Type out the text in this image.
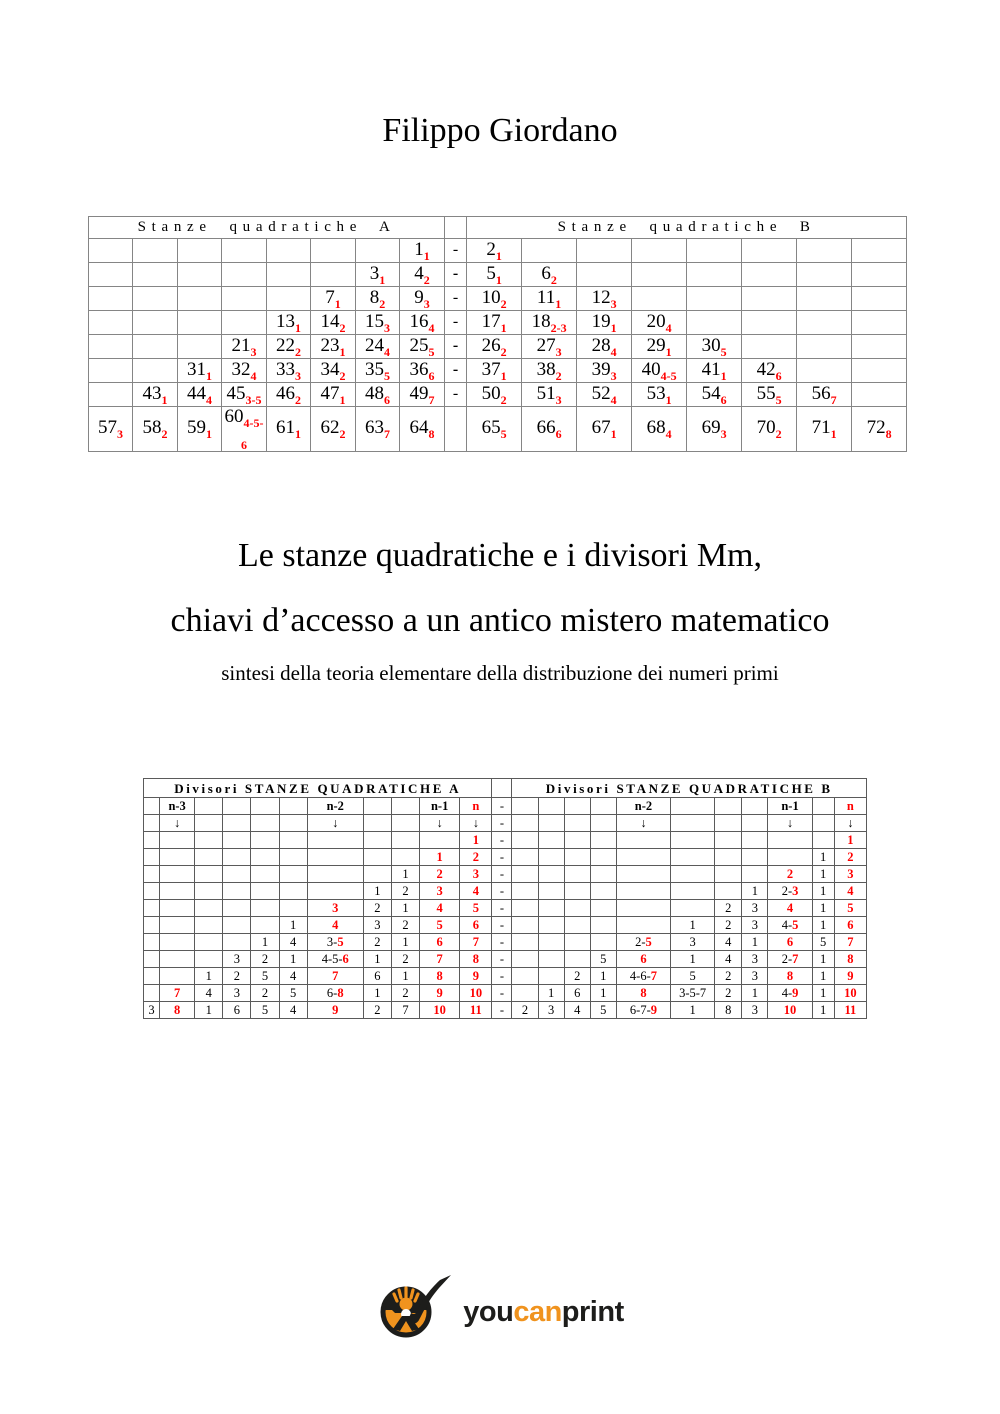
Filippo Giordano
Stanze quadratiche A									Stanze quadratiche B							
							$1_1$	-	$2_1$							
						$3_1$	$4_2$	-	$5_1$	$6_2$						
					$7_1$	$8_2$	$9_3$	-	$10_2$	$11_1$	$12_3$					
				$13_1$	$14_2$	$15_3$	$16_4$	-	$17_1$	$18_{2-3}$	$19_1$	$20_4$				
			$21_3$	$22_2$	$23_1$	$24_4$	$25_5$	-	$26_2$	$27_3$	$28_4$	$29_1$	$30_5$			
		$31_1$	$32_4$	$33_3$	$34_2$	$35_5$	$36_6$	-	$37_1$	$38_2$	$39_3$	$40_{4-5}$	$41_1$	$42_6$		
	$43_1$	$44_4$	$45_{3-5}$	$46_2$	$47_1$	$48_6$	$49_7$	-	$50_2$	$51_3$	$52_4$	$53_1$	$54_6$	$55_5$	$56_7$	
$57_3$	$58_2$	$59_1$	$60_{4-5-6}$	$61_1$	$62_2$	$63_7$	$64_8$		$65_5$	$66_6$	$67_1$	$68_4$	$69_3$	$70_2$	$71_1$	$72_8$
Le stanze quadratiche e i divisori Mm,
chiavi d’accesso a un antico mistero matematico
sintesi della teoria elementare della distribuzione dei numeri primi
Divisori STANZE QUADRATICHE A												Divisori STANZE QUADRATICHE B										
	n-3					n-2			n-1	n	-					n-2				n-1		n
	↓					↓			↓	↓	-					↓				↓		↓
										1	-											1
									1	2	-										1	2
								1	2	3	-									2	1	3
							1	2	3	4	-								1	2-3	1	4
						3	2	1	4	5	-							2	3	4	1	5
					1	4	3	2	5	6	-						1	2	3	4-5	1	6
				1	4	3-5	2	1	6	7	-					2-5	3	4	1	6	5	7
			3	2	1	4-5-6	1	2	7	8	-				5	6	1	4	3	2-7	1	8
		1	2	5	4	7	6	1	8	9	-			2	1	4-6-7	5	2	3	8	1	9
	7	4	3	2	5	6-8	1	2	9	10	-		1	6	1	8	3-5-7	2	1	4-9	1	10
3	8	1	6	5	4	9	2	7	10	11	-	2	3	4	5	6-7-9	1	8	3	10	1	11
youcanprint
